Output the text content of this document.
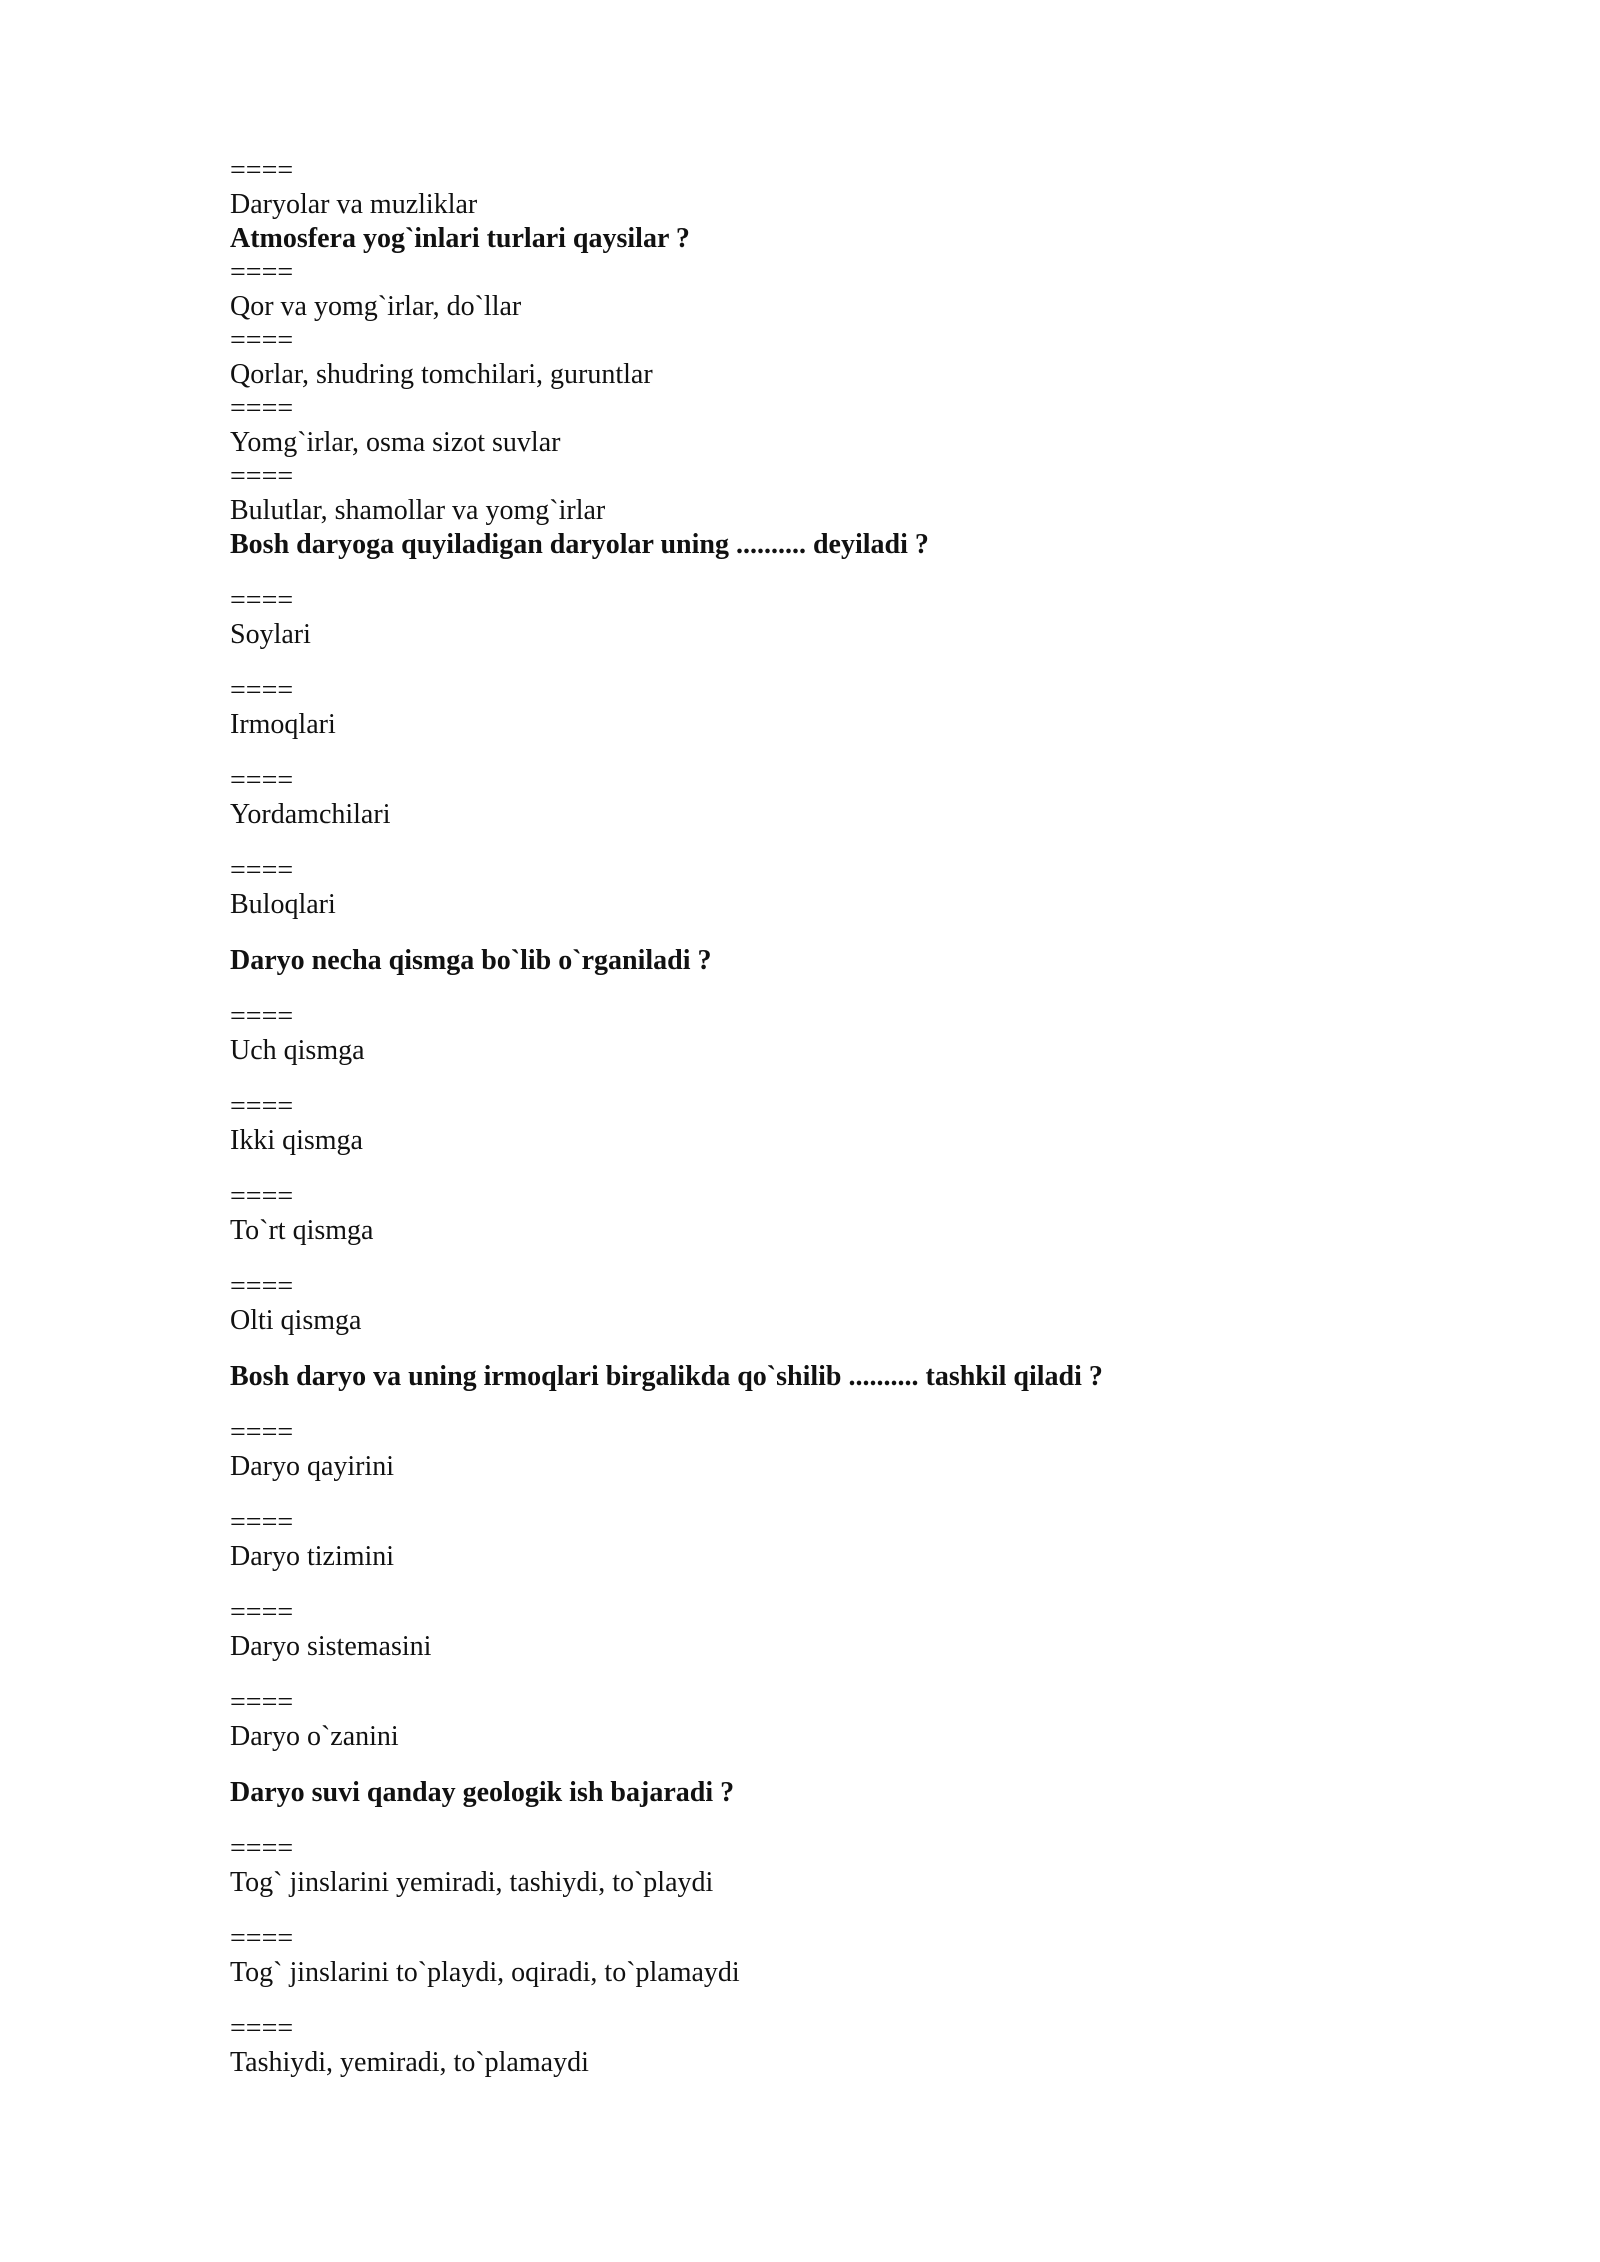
====
Daryolar va muzliklar
Atmosfera yog`inlari turlari qaysilar ?
====
Qor va yomg`irlar, do`llar
====
Qorlar, shudring tomchilari, guruntlar
====
Yomg`irlar, osma sizot suvlar
====
Bulutlar, shamollar va yomg`irlar
Bosh daryoga quyiladigan daryolar uning .......... deyiladi ?
====
Soylari
====
Irmoqlari
====
Yordamchilari
====
Buloqlari
Daryo necha qismga bo`lib o`rganiladi ?
====
Uch qismga
====
Ikki qismga
====
To`rt qismga
====
Olti qismga
Bosh daryo va uning irmoqlari birgalikda qo`shilib .......... tashkil qiladi ?
====
Daryo qayirini
====
Daryo tizimini
====
Daryo sistemasini
====
Daryo o`zanini
Daryo suvi qanday geologik ish bajaradi ?
====
Tog` jinslarini yemiradi, tashiydi, to`playdi
====
Tog` jinslarini to`playdi, oqiradi, to`plamaydi
====
Tashiydi, yemiradi, to`plamaydi
